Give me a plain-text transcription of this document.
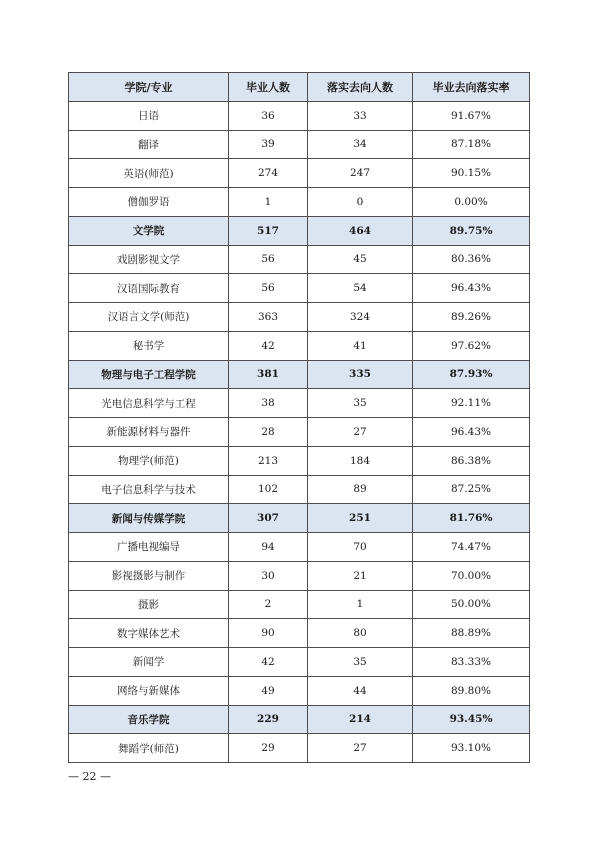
学院/专业	毕业人数	落实去向人数	毕业去向落实率
日语	36	33	91.67%
翻译	39	34	87.18%
英语(师范)	274	247	90.15%
僧伽罗语	1	0	0.00%
文学院	517	464	89.75%
戏剧影视文学	56	45	80.36%
汉语国际教育	56	54	96.43%
汉语言文学(师范)	363	324	89.26%
秘书学	42	41	97.62%
物理与电子工程学院	381	335	87.93%
光电信息科学与工程	38	35	92.11%
新能源材料与器件	28	27	96.43%
物理学(师范)	213	184	86.38%
电子信息科学与技术	102	89	87.25%
新闻与传媒学院	307	251	81.76%
广播电视编导	94	70	74.47%
影视摄影与制作	30	21	70.00%
摄影	2	1	50.00%
数字媒体艺术	90	80	88.89%
新闻学	42	35	83.33%
网络与新媒体	49	44	89.80%
音乐学院	229	214	93.45%
舞蹈学(师范)	29	27	93.10%
— 22 —
